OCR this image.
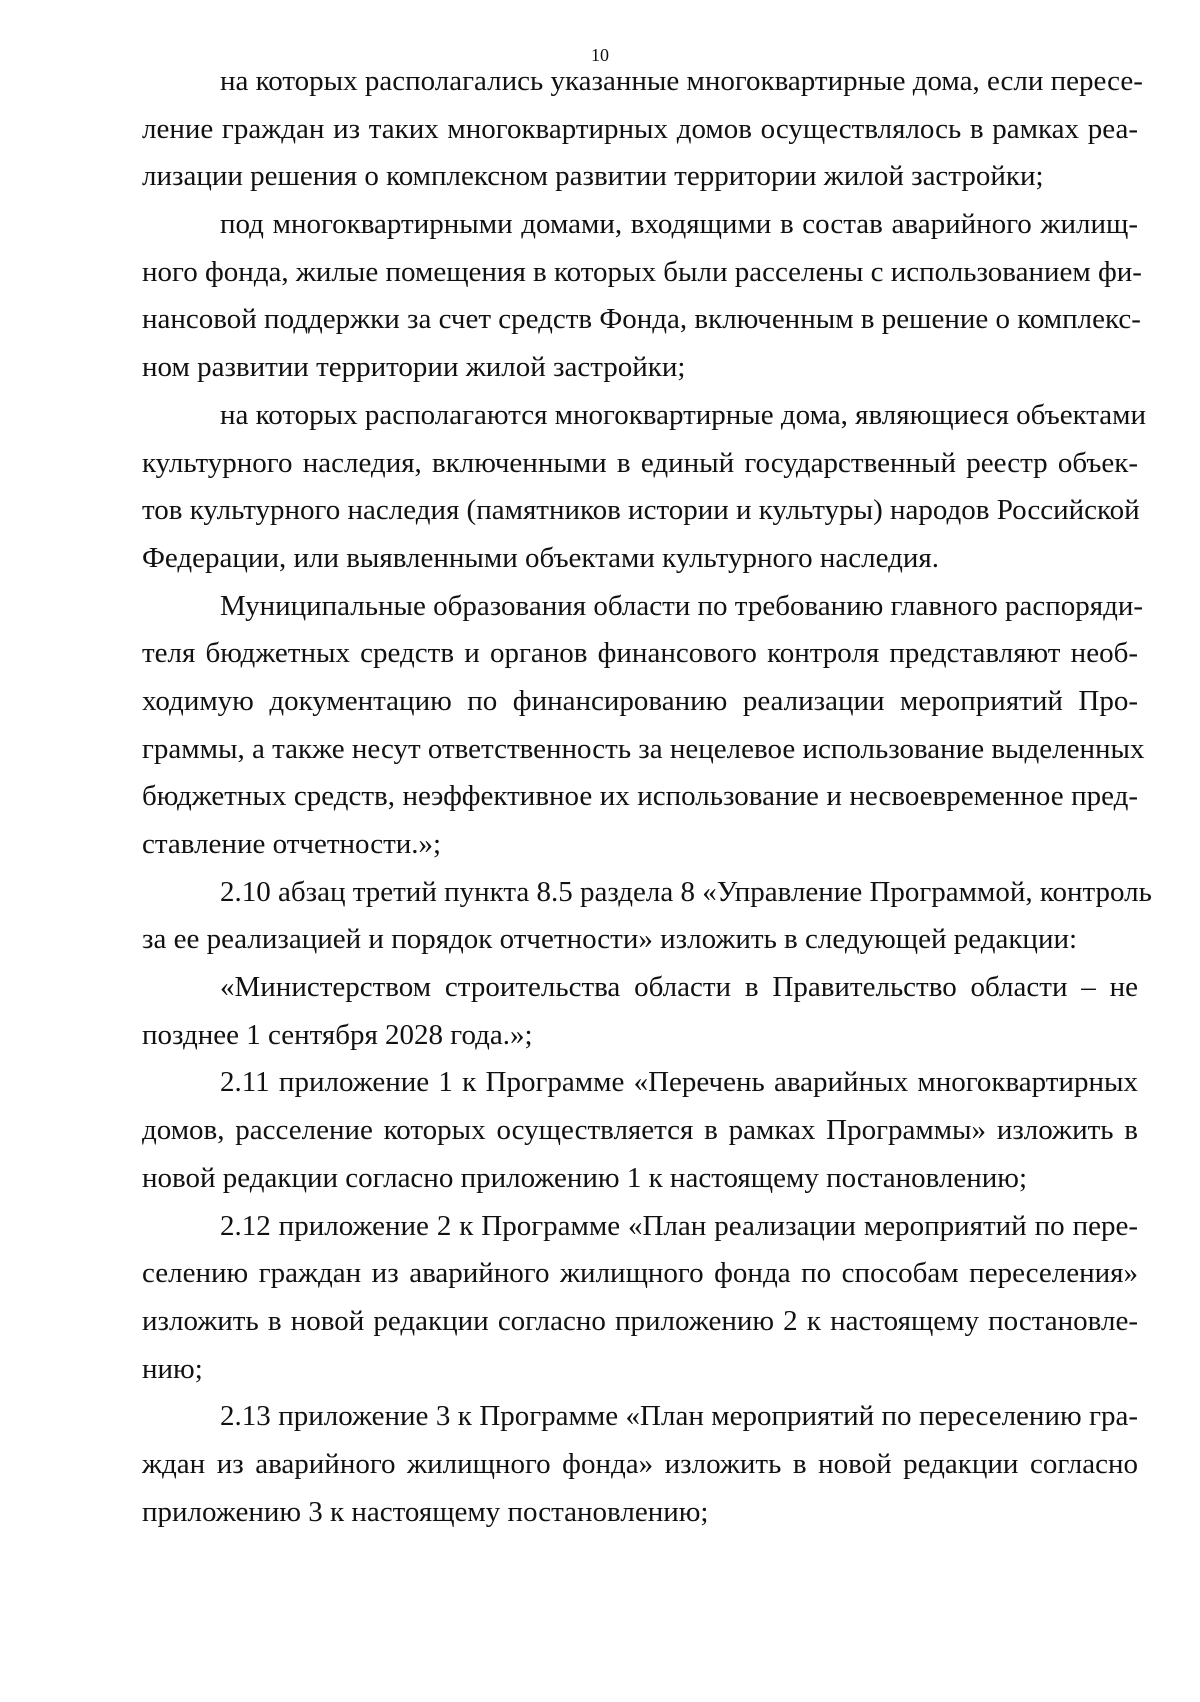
10
на которых располагались указанные многоквартирные дома, если пересе-
ление граждан из таких многоквартирных домов осуществлялось в рамках реа-
лизации решения о комплексном развитии территории жилой застройки;
под многоквартирными домами, входящими в состав аварийного жилищ-
ного фонда, жилые помещения в которых были расселены с использованием фи-
нансовой поддержки за счет средств Фонда, включенным в решение о комплекс-
ном развитии территории жилой застройки;
на которых располагаются многоквартирные дома, являющиеся объектами
культурного наследия, включенными в единый государственный реестр объек-
тов культурного наследия (памятников истории и культуры) народов Российской
Федерации, или выявленными объектами культурного наследия.
Муниципальные образования области по требованию главного распоряди-
теля бюджетных средств и органов финансового контроля представляют необ-
ходимую документацию по финансированию реализации мероприятий Про-
граммы, а также несут ответственность за нецелевое использование выделенных
бюджетных средств, неэффективное их использование и несвоевременное пред-
ставление отчетности.»;
2.10 абзац третий пункта 8.5 раздела 8 «Управление Программой, контроль
за ее реализацией и порядок отчетности» изложить в следующей редакции:
«Министерством строительства области в Правительство области – не
позднее 1 сентября 2028 года.»;
2.11 приложение 1 к Программе «Перечень аварийных многоквартирных
домов, расселение которых осуществляется в рамках Программы» изложить в
новой редакции согласно приложению 1 к настоящему постановлению;
2.12 приложение 2 к Программе «План реализации мероприятий по пере-
селению граждан из аварийного жилищного фонда по способам переселения»
изложить в новой редакции согласно приложению 2 к настоящему постановле-
нию;
2.13 приложение 3 к Программе «План мероприятий по переселению гра-
ждан из аварийного жилищного фонда» изложить в новой редакции согласно
приложению 3 к настоящему постановлению;
